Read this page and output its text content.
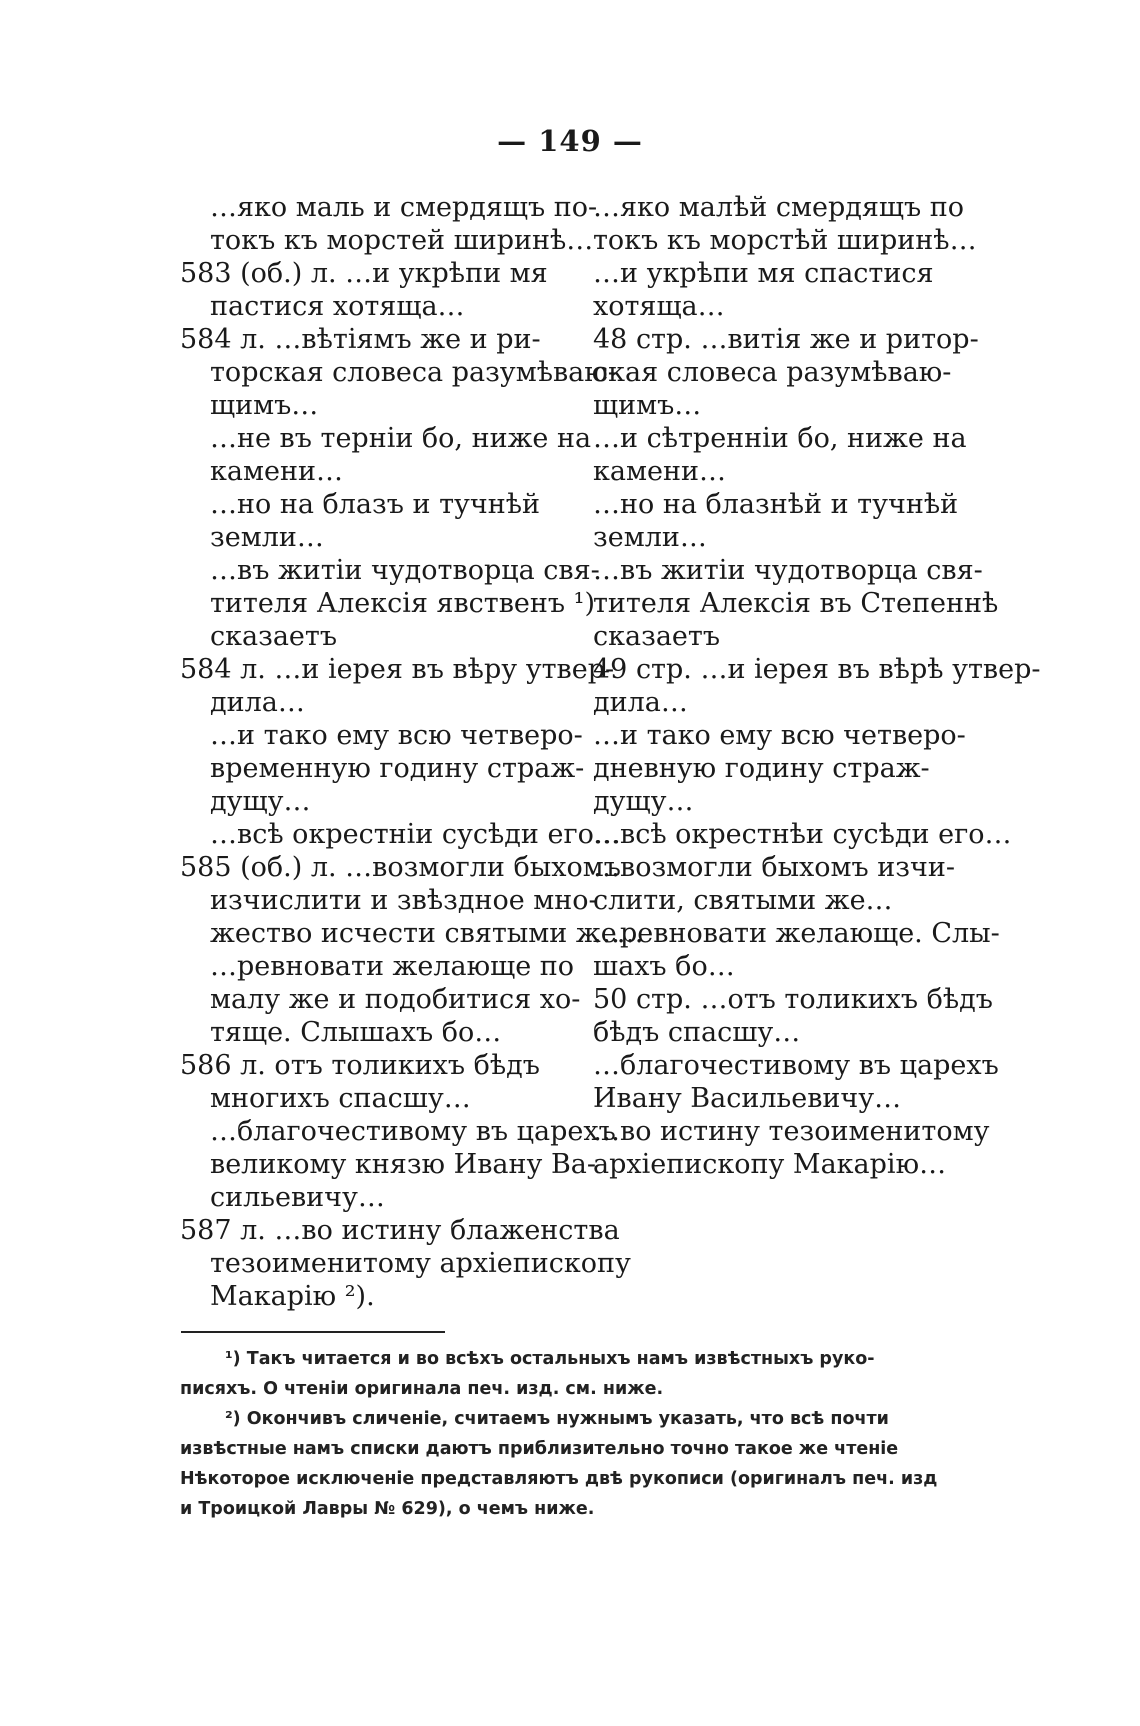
— 149 —
…яко маль и смердящъ по-
токъ къ морстей ширинѣ…
583 (об.) л. …и укрѣпи мя
пастися хотяща…
584 л. …вѣтіямъ же и ри-
торская словеса разумѣваю-
щимъ…
…не въ терніи бо, ниже на
камени…
…но на блазъ и тучнѣй
земли…
…въ житіи чудотворца свя-
тителя Алексія явственъ ¹)
сказаетъ
584 л. …и іерея въ вѣру утвер-
дила…
…и тако ему всю четверо-
временную годину страж-
дущу…
…всѣ окрестніи сусѣди его…
585 (об.) л. …возмогли быхомъ
изчислити и звѣздное мно-
жество исчести святыми же…
…ревновати желающе по
малу же и подобитися хо-
тяще. Слышахъ бо…
586 л. отъ толикихъ бѣдъ
многихъ спасшу…
…благочестивому въ царехъ
великому князю Ивану Ва-
сильевичу…
587 л. …во истину блаженства
тезоименитому архіепископу
Макарію ²).
…яко малѣй смердящъ по
токъ къ морстѣй ширинѣ…
…и укрѣпи мя спастися
хотяща…
48 стр. …витія же и ритор-
ская словеса разумѣваю-
щимъ…
…и сѣтренніи бо, ниже на
камени…
…но на блазнѣй и тучнѣй
земли…
…въ житіи чудотворца свя-
тителя Алексія въ Степеннѣ
сказаетъ
49 стр. …и іерея въ вѣрѣ утвер-
дила…
…и тако ему всю четверо-
дневную годину страж-
дущу…
…всѣ окрестнѣи сусѣди его…
…возмогли быхомъ изчи-
слити, святыми же…
…ревновати желающе. Слы-
шахъ бо…
50 стр. …отъ толикихъ бѣдъ
бѣдъ спасшу…
…благочестивому въ царехъ
Ивану Васильевичу…
…во истину тезоименитому
архіепископу Макарію…
¹) Такъ читается и во всѣхъ остальныхъ намъ извѣстныхъ руко-
писяхъ. О чтеніи оригинала печ. изд. см. ниже.
²) Окончивъ сличеніе, считаемъ нужнымъ указать, что всѣ почти
извѣстные намъ списки даютъ приблизительно точно такое же чтеніе
Нѣкоторое исключеніе представляютъ двѣ рукописи (оригиналъ печ. изд
и Троицкой Лавры № 629), о чемъ ниже.
